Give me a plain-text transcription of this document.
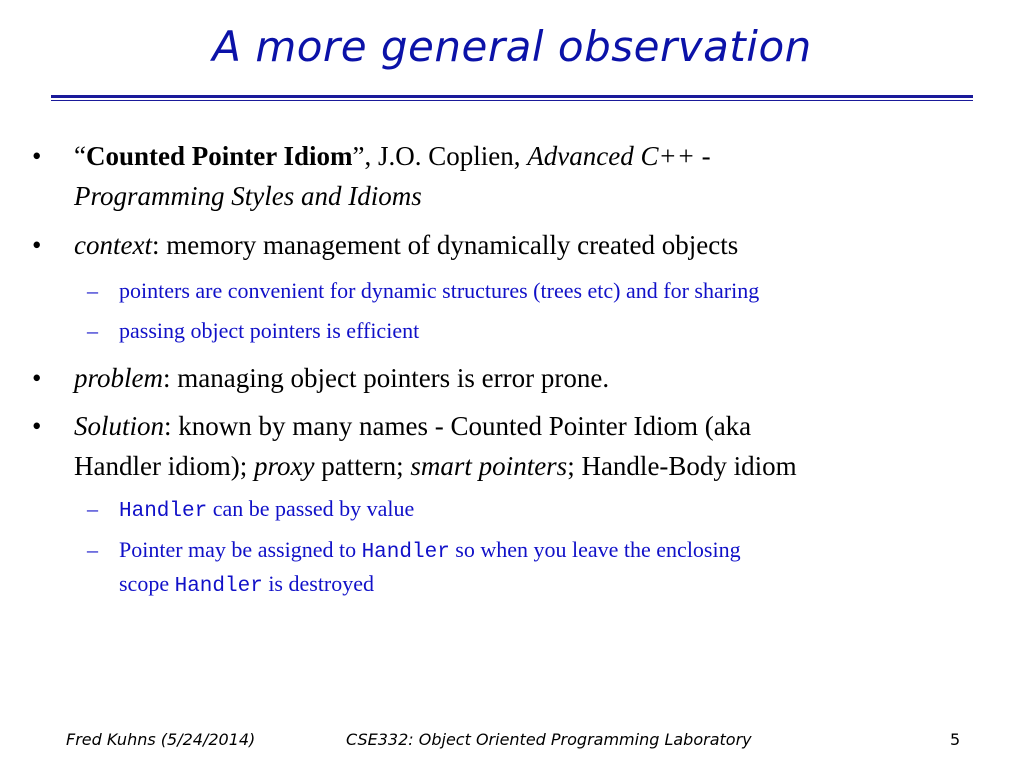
A more general observation
• “Counted Pointer Idiom”, J.O. Coplien, Advanced C++ -
Programming Styles and Idioms
• context: memory management of dynamically created objects
– pointers are convenient for dynamic structures (trees etc) and for sharing
– passing object pointers is efficient
• problem: managing object pointers is error prone.
• Solution: known by many names - Counted Pointer Idiom (aka
Handler idiom); proxy pattern; smart pointers; Handle-Body idiom
– Handler can be passed by value
– Pointer may be assigned to Handler so when you leave the enclosing
scope Handler is destroyed
Fred Kuhns (5/24/2014)	CSE332: Object Oriented Programming Laboratory	5
